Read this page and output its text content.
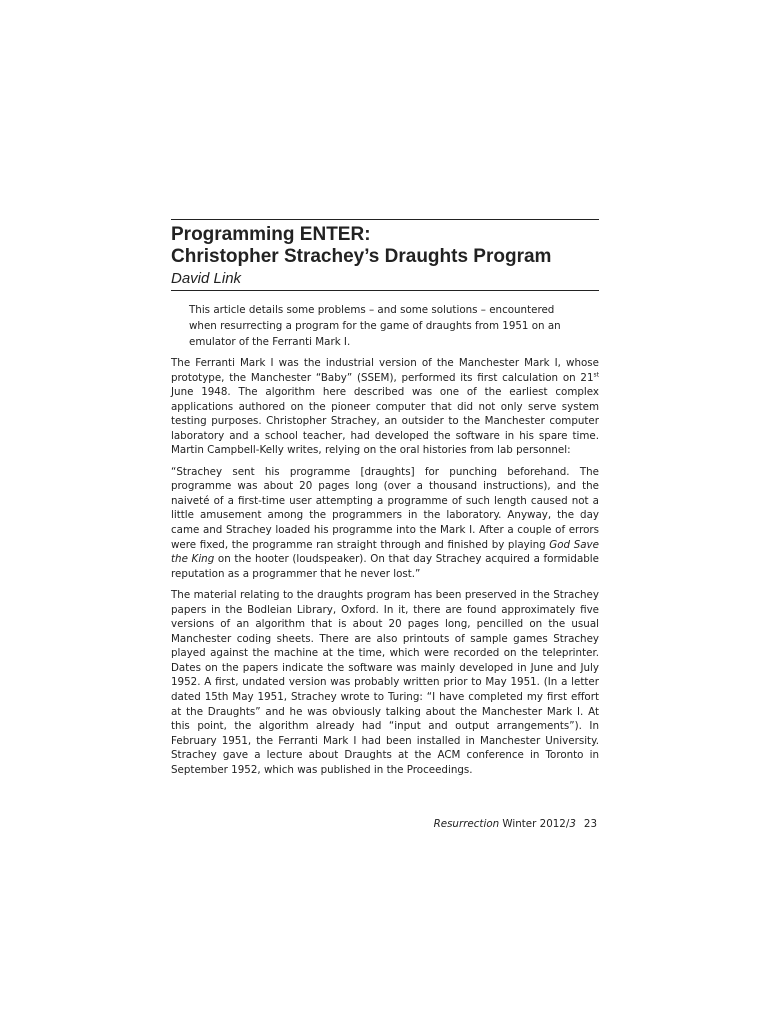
Programming ENTER:
Christopher Strachey’s Draughts Program
David Link
This article details some problems – and some solutions – encountered when resurrecting a program for the game of draughts from 1951 on an emulator of the Ferranti Mark I.

The Ferranti Mark I was the industrial version of the Manchester Mark I, whose prototype, the Manchester “Baby” (SSEM), performed its first calculation on 21st June 1948. The algorithm here described was one of the earliest complex applications authored on the pioneer computer that did not only serve system testing purposes. Christopher Strachey, an outsider to the Manchester computer laboratory and a school teacher, had developed the software in his spare time. Martin Campbell-Kelly writes, relying on the oral histories from lab personnel:

“Strachey sent his programme [draughts] for punching beforehand. The programme was about 20 pages long (over a thousand instructions), and the naiveté of a first-time user attempting a programme of such length caused not a little amusement among the programmers in the laboratory. Anyway, the day came and Strachey loaded his programme into the Mark I. After a couple of errors were fixed, the programme ran straight through and finished by playing God Save the King on the hooter (loudspeaker). On that day Strachey acquired a formidable reputation as a programmer that he never lost.”

The material relating to the draughts program has been preserved in the Strachey papers in the Bodleian Library, Oxford. In it, there are found approximately five versions of an algorithm that is about 20 pages long, pencilled on the usual Manchester coding sheets. There are also printouts of sample games Strachey played against the machine at the time, which were recorded on the teleprinter. Dates on the papers indicate the software was mainly developed in June and July 1952. A first, undated version was probably written prior to May 1951. (In a letter dated 15th May 1951, Strachey wrote to Turing: “I have completed my first effort at the Draughts” and he was obviously talking about the Manchester Mark I. At this point, the algorithm already had “input and output arrangements”). In February 1951, the Ferranti Mark I had been installed in Manchester University. Strachey gave a lecture about Draughts at the ACM conference in Toronto in September 1952, which was published in the Proceedings.

Resurrection Winter 2012/3 23
